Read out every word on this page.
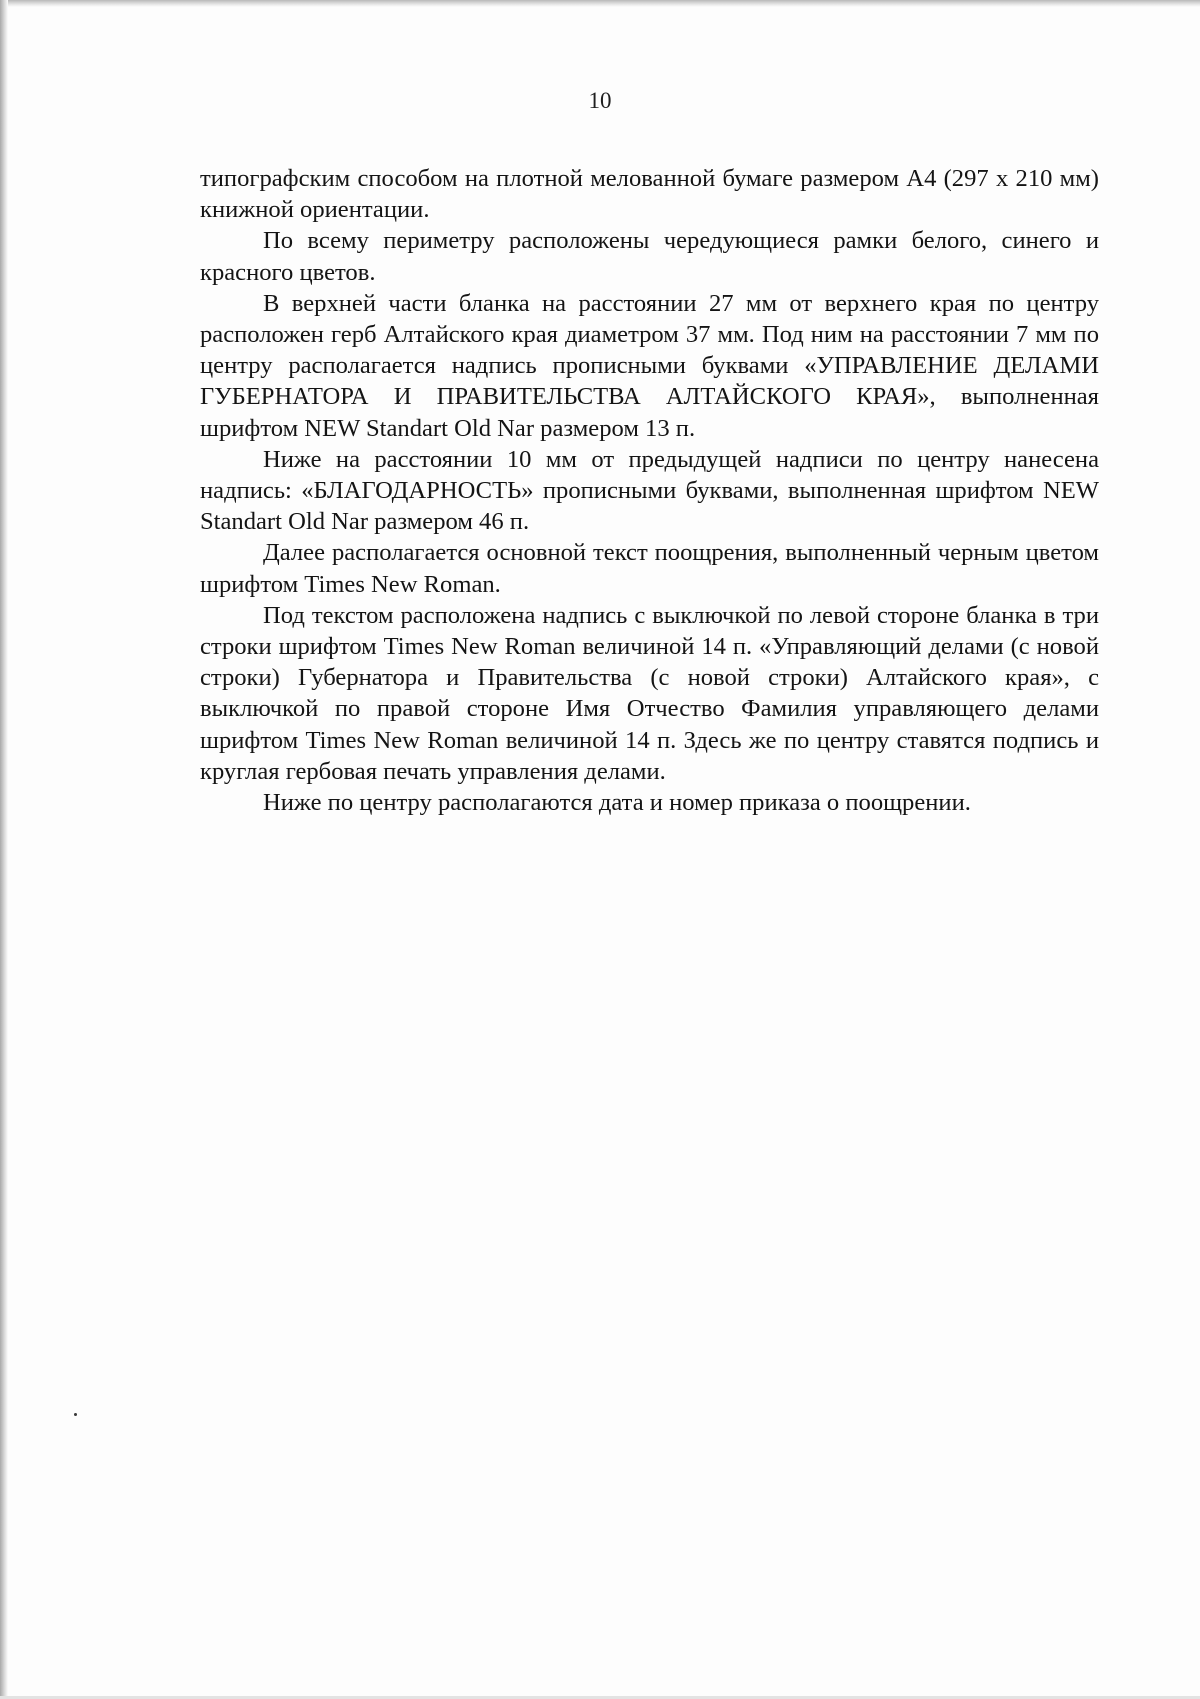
10

типографским способом на плотной мелованной бумаге размером А4 (297 x 210 мм) книжной ориентации.

По всему периметру расположены чередующиеся рамки белого, синего и красного цветов.

В верхней части бланка на расстоянии 27 мм от верхнего края по центру расположен герб Алтайского края диаметром 37 мм. Под ним на расстоянии 7 мм по центру располагается надпись прописными буквами «УПРАВЛЕНИЕ ДЕЛАМИ ГУБЕРНАТОРА И ПРАВИТЕЛЬСТВА АЛТАЙСКОГО КРАЯ», выполненная шрифтом NEW Standart Old Nar размером 13 п.

Ниже на расстоянии 10 мм от предыдущей надписи по центру нанесена надпись: «БЛАГОДАРНОСТЬ» прописными буквами, выполненная шрифтом NEW Standart Old Nar размером 46 п.

Далее располагается основной текст поощрения, выполненный черным цветом шрифтом Times New Roman.

Под текстом расположена надпись с выключкой по левой стороне бланка в три строки шрифтом Times New Roman величиной 14 п. «Управляющий делами (с новой строки) Губернатора и Правительства (с новой строки) Алтайского края», с выключкой по правой стороне Имя Отчество Фамилия управляющего делами шрифтом Times New Roman величиной 14 п. Здесь же по центру ставятся подпись и круглая гербовая печать управления делами.

Ниже по центру располагаются дата и номер приказа о поощрении.
